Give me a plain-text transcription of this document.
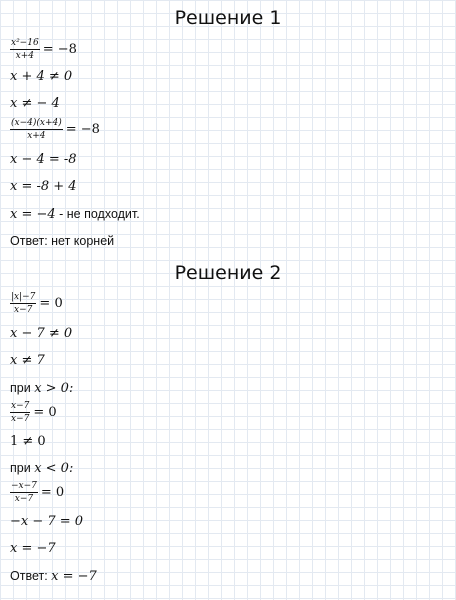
Решение 1
$\frac{\text{x²−16}}{x+4} = -8$
x + 4 ≠ 0
x ≠ − 4
$\frac{(x-4)(x+4)}{x+4} = -8$
x − 4 = -8
x = -8 + 4
x = −4 - не подходит.
Ответ: нет корней
Решение 2
$\frac{|x|-7}{x-7} = 0$
x − 7 ≠ 0
x ≠ 7
при x > 0:
$\frac{x-7}{x-7} = 0$
1 ≠ 0
при x < 0:
$\frac{-x-7}{x-7} = 0$
−x − 7 = 0
x = −7
Ответ: x = −7
